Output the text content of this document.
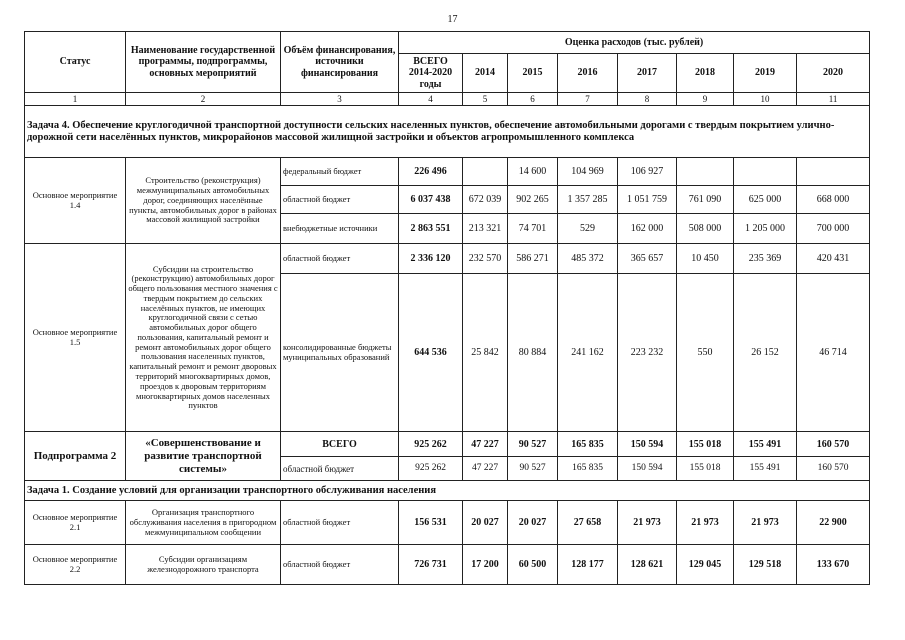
17
Статус	Наименование государственной программы, подпрограммы, основных мероприятий	Объём финансирования, источники финансирования	Оценка расходов (тыс. рублей)							
			ВСЕГО 2014-2020 годы	2014	2015	2016	2017	2018	2019	2020
1	2	3	4	5	6	7	8	9	10	11
Задача 4. Обеспечение круглогодичной транспортной доступности сельских населенных пунктов, обеспечение автомобильными дорогами с твердым покрытием улично-дорожной сети населённых пунктов, микрорайонов массовой жилищной застройки и объектов агропромышленного комплекса										
Основное мероприятие 1.4	Строительство (реконструкция) межмуниципальных автомобильных дорог, соединяющих населённые пункты, автомобильных дорог в районах массовой жилищной застройки	федеральный бюджет	226 496		14 600	104 969	106 927			
		областной бюджет	6 037 438	672 039	902 265	1 357 285	1 051 759	761 090	625 000	668 000
		внебюджетные источники	2 863 551	213 321	74 701	529	162 000	508 000	1 205 000	700 000
Основное мероприятие 1.5	Субсидии на строительство (реконструкцию) автомобильных дорог общего пользования местного значения с твердым покрытием до сельских населённых пунктов, не имеющих круглогодичной связи с сетью автомобильных дорог общего пользования, капитальный ремонт и ремонт автомобильных дорог общего пользования населенных пунктов, капитальный ремонт и ремонт дворовых территорий многоквартирных домов, проездов к дворовым территориям многоквартирных домов населенных пунктов	областной бюджет	2 336 120	232 570	586 271	485 372	365 657	10 450	235 369	420 431
		консолидированные бюджеты муниципальных образований	644 536	25 842	80 884	241 162	223 232	550	26 152	46 714
Подпрограмма 2	«Совершенствование и развитие транспортной системы»	ВСЕГО	925 262	47 227	90 527	165 835	150 594	155 018	155 491	160 570
		областной бюджет	925 262	47 227	90 527	165 835	150 594	155 018	155 491	160 570
Задача 1. Создание условий для организации транспортного обслуживания населения										
Основное мероприятие 2.1	Организация транспортного обслуживания населения в пригородном межмуниципальном сообщении	областной бюджет	156 531	20 027	20 027	27 658	21 973	21 973	21 973	22 900
Основное мероприятие 2.2	Субсидии организациям железнодорожного транспорта	областной бюджет	726 731	17 200	60 500	128 177	128 621	129 045	129 518	133 670
